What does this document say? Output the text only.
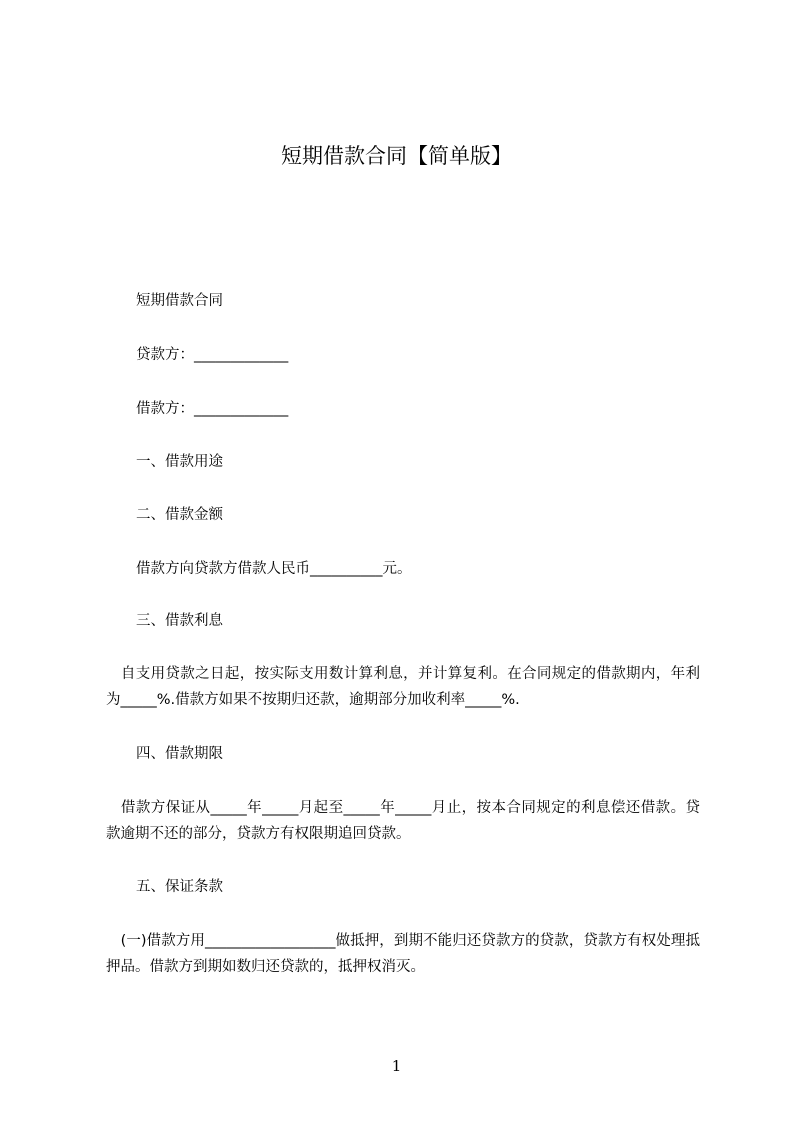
短期借款合同【简单版】
短期借款合同
贷款方：_____________
借款方：_____________
一、借款用途
二、借款金额
借款方向贷款方借款人民币__________元。
三、借款利息
　自支用贷款之日起，按实际支用数计算利息，并计算复利。在合同规定的借款期内，年利为_____%.借款方如果不按期归还款，逾期部分加收利率_____%.
四、借款期限
　借款方保证从_____年_____月起至_____年_____月止，按本合同规定的利息偿还借款。贷款逾期不还的部分，贷款方有权限期追回贷款。
五、保证条款
　(一)借款方用__________________做抵押，到期不能归还贷款方的贷款，贷款方有权处理抵押品。借款方到期如数归还贷款的，抵押权消灭。
1
